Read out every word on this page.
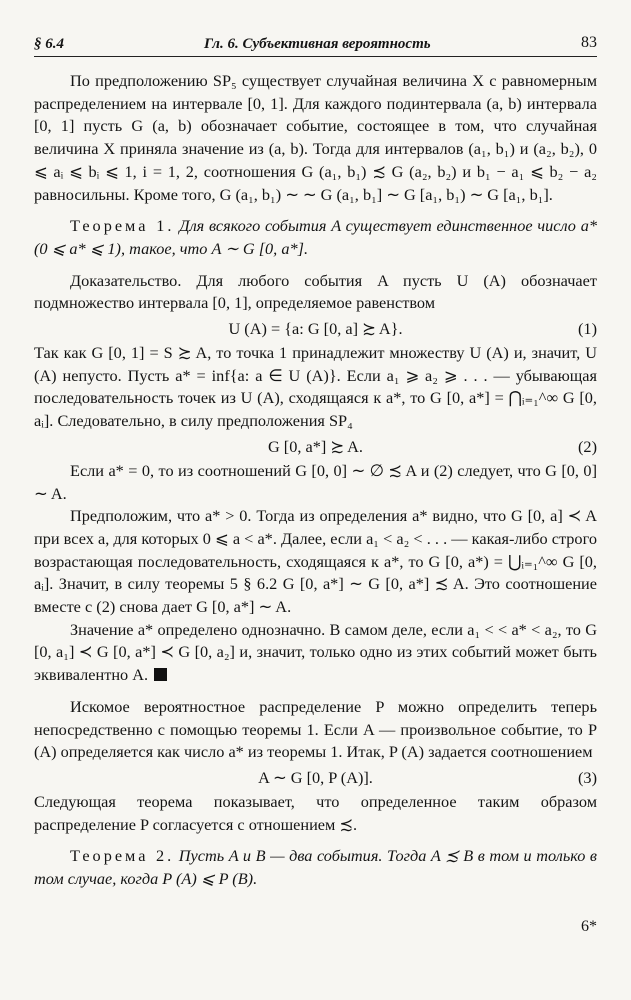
§ 6.4	Гл. 6. Субъективная вероятность	83

По предположению SP₅ существует случайная величина X с равномерным распределением на интервале [0, 1]. Для каждого подинтервала (a, b) интервала [0, 1] пусть G (a, b) обозначает событие, состоящее в том, что случайная величина X приняла значение из (a, b). Тогда для интервалов (a₁, b₁) и (a₂, b₂), 0 ⩽ aᵢ ⩽ bᵢ ⩽ 1, i = 1, 2, соотношения G (a₁, b₁) ≾ G (a₂, b₂) и b₁ − a₁ ⩽ b₂ − a₂ равносильны. Кроме того, G (a₁, b₁) ∼ ∼ G (a₁, b₁] ∼ G [a₁, b₁) ∼ G [a₁, b₁].

Теорема 1. Для всякого события A существует единственное число a* (0 ⩽ a* ⩽ 1), такое, что A ∼ G [0, a*].

Доказательство. Для любого события A пусть U (A) обозначает подмножество интервала [0, 1], определяемое равенством

U (A) = {a: G [0, a] ≿ A}.	(1)

Так как G [0, 1] = S ≿ A, то точка 1 принадлежит множеству U (A) и, значит, U (A) непусто. Пусть a* = inf{a: a ∈ U (A)}. Если a₁ ⩾ a₂ ⩾ . . . — убывающая последовательность точек из U (A), сходящаяся к a*, то G [0, a*] = ⋂ᵢ₌₁^∞ G [0, aᵢ]. Следовательно, в силу предположения SP₄

G [0, a*] ≿ A.	(2)

Если a* = 0, то из соотношений G [0, 0] ∼ ∅ ≾ A и (2) следует, что G [0, 0] ∼ A.

Предположим, что a* > 0. Тогда из определения a* видно, что G [0, a] ≺ A при всех a, для которых 0 ⩽ a < a*. Далее, если a₁ < a₂ < . . . — какая-либо строго возрастающая последовательность, сходящаяся к a*, то G [0, a*) = ⋃ᵢ₌₁^∞ G [0, aᵢ]. Значит, в силу теоремы 5 § 6.2 G [0, a*] ∼ G [0, a*] ≾ A. Это соотношение вместе с (2) снова дает G [0, a*] ∼ A.

Значение a* определено однозначно. В самом деле, если a₁ < < a* < a₂, то G [0, a₁] ≺ G [0, a*] ≺ G [0, a₂] и, значит, только одно из этих событий может быть эквивалентно A.

Искомое вероятностное распределение P можно определить теперь непосредственно с помощью теоремы 1. Если A — произвольное событие, то P (A) определяется как число a* из теоремы 1. Итак, P (A) задается соотношением

A ∼ G [0, P (A)].	(3)

Следующая теорема показывает, что определенное таким образом распределение P согласуется с отношением ≾.

Теорема 2. Пусть A и B — два события. Тогда A ≾ B в том и только в том случае, когда P (A) ⩽ P (B).

6*
